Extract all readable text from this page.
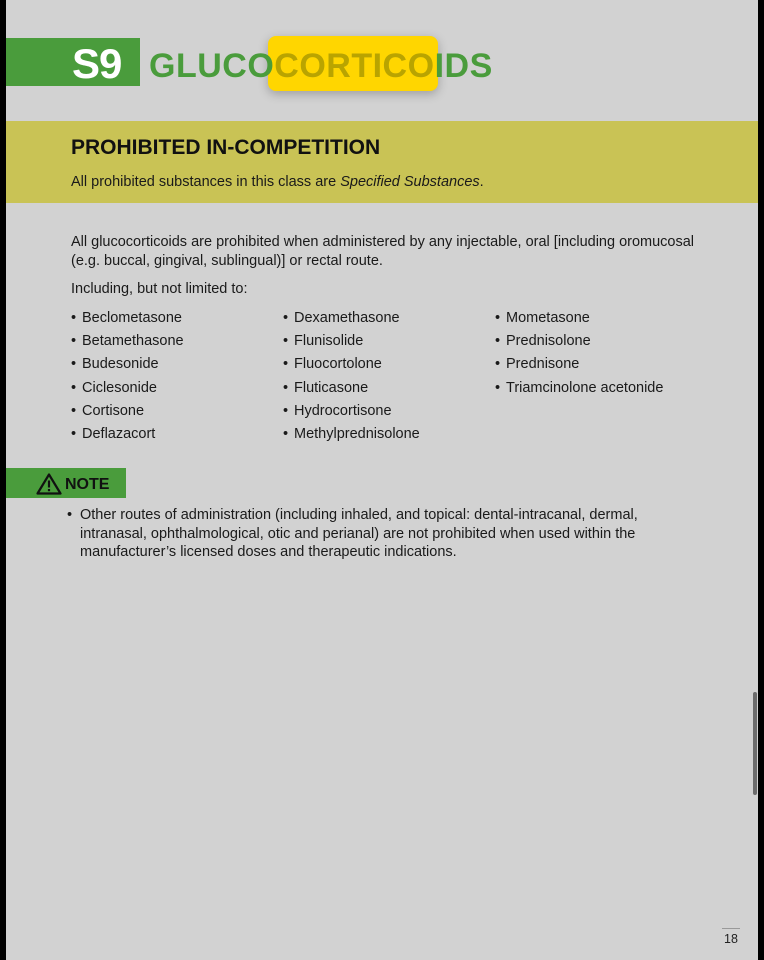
S9 GLUCOCORTICOIDS
PROHIBITED IN-COMPETITION
All prohibited substances in this class are Specified Substances.

All glucocorticoids are prohibited when administered by any injectable, oral [including oromucosal (e.g. buccal, gingival, sublingual)] or rectal route.

Including, but not limited to:
• Beclometasone
• Betamethasone
• Budesonide
• Ciclesonide
• Cortisone
• Deflazacort
• Dexamethasone
• Flunisolide
• Fluocortolone
• Fluticasone
• Hydrocortisone
• Methylprednisolone
• Mometasone
• Prednisolone
• Prednisone
• Triamcinolone acetonide
NOTE
• Other routes of administration (including inhaled, and topical: dental-intracanal, dermal, intranasal, ophthalmological, otic and perianal) are not prohibited when used within the manufacturer’s licensed doses and therapeutic indications.
18
